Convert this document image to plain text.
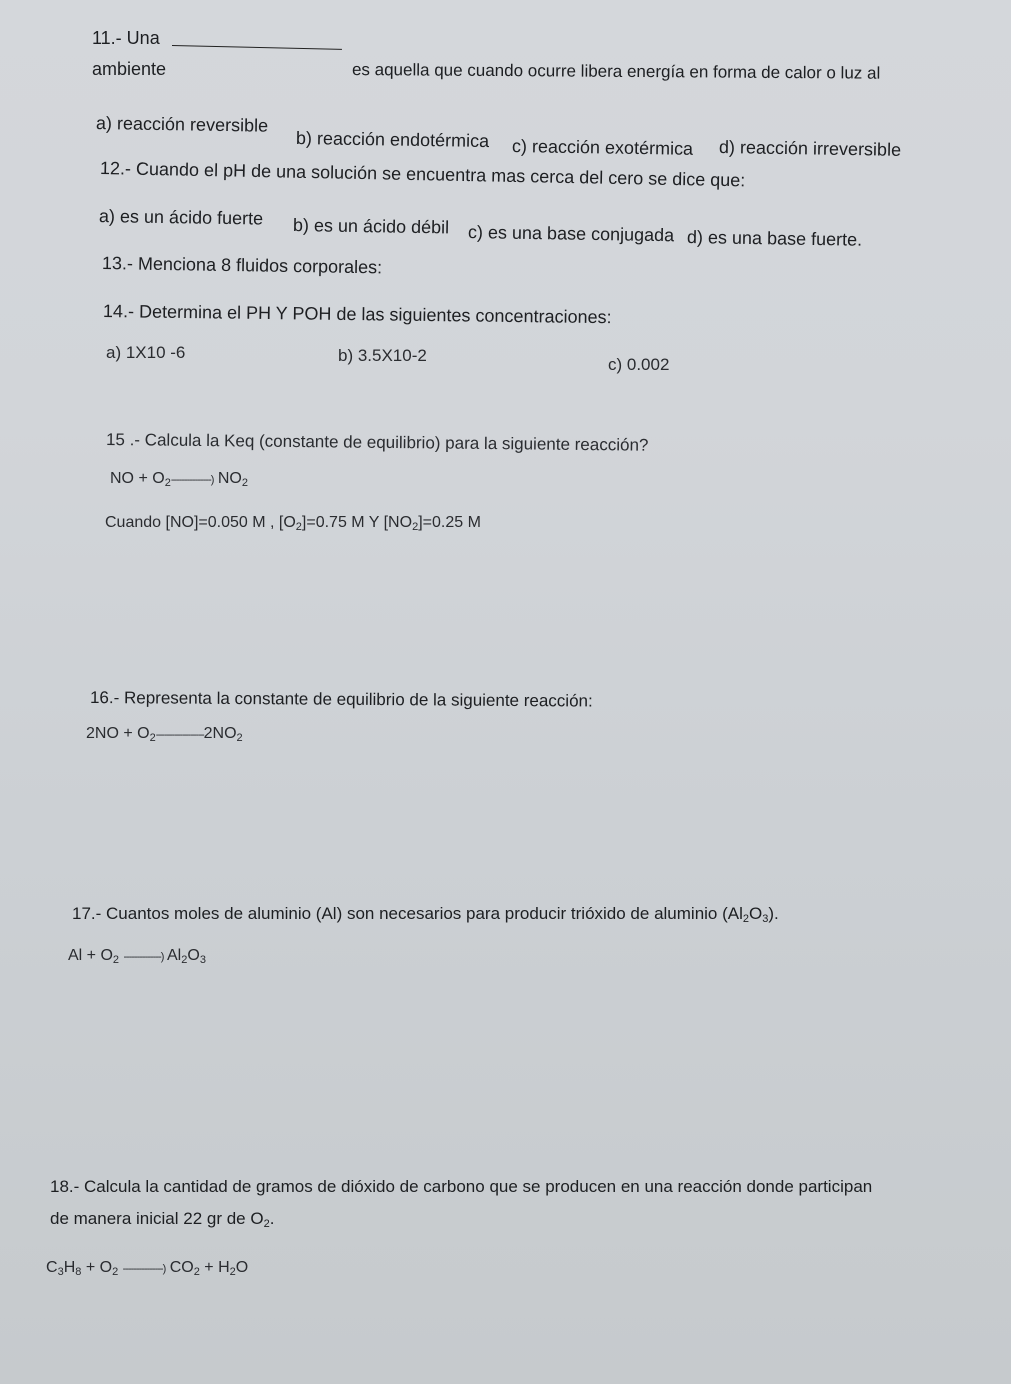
11.- Una
ambiente	es aquella que cuando ocurre libera energía en forma de calor o luz al
a) reacción reversible
b) reacción endotérmica c) reacción exotérmica d) reacción irreversible
12.- Cuando el pH de una solución se encuentra mas cerca del cero se dice que:
a) es un ácido fuerte b) es un ácido débil c) es una base conjugada d) es una base fuerte.
13.- Menciona 8 fluidos corporales:
14.- Determina el PH Y POH de las siguientes concentraciones:
a) 1X10 -6	b) 3.5X10-2	c) 0.002
15 .- Calcula la Keq (constante de equilibrio) para la siguiente reacción?
NO + $O_2---------------$) $NO_2$
Cuando [NO]=0.050 M , $[O_2]=0.75$ M Y $[NO_2]=0.25$ M
16.- Representa la constante de equilibrio de la siguiente reacción:
$2NO + O_2------------------2NO_2$
17.- Cuantos moles de aluminio (Al) son necesarios para producir trióxido de aluminio $(Al_2O_3)$.
$Al + O_2$ --------------) $Al_2O_3$
18.- Calcula la cantidad de gramos de dióxido de carbono que se producen en una reacción donde participan
de manera inicial 22 gr de $O_2$.
$C_3H_8 + O_2$ ---------------) $CO_2 + H_2O$
